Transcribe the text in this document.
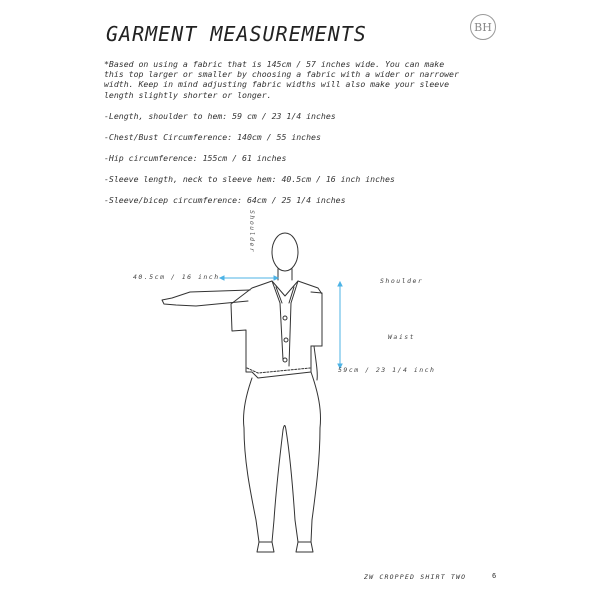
GARMENT MEASUREMENTS	BH
*Based on using a fabric that is 145cm / 57 inches wide. You can make
this top larger or smaller by choosing a fabric with a wider or narrower
width. Keep in mind adjusting fabric widths will also make your sleeve
length slightly shorter or longer.
-Length, shoulder to hem: 59 cm / 23 1/4 inches
-Chest/Bust Circumference: 140cm / 55 inches
-Hip circumference: 155cm / 61 inches
-Sleeve length, neck to sleeve hem: 40.5cm / 16 inch inches
-Sleeve/bicep circumference: 64cm / 25 1/4 inches
40.5cm / 16 inch
Shoulder
Shoulder
Waist
59cm / 23 1/4 inch
ZW CROPPED SHIRT TWO	6
